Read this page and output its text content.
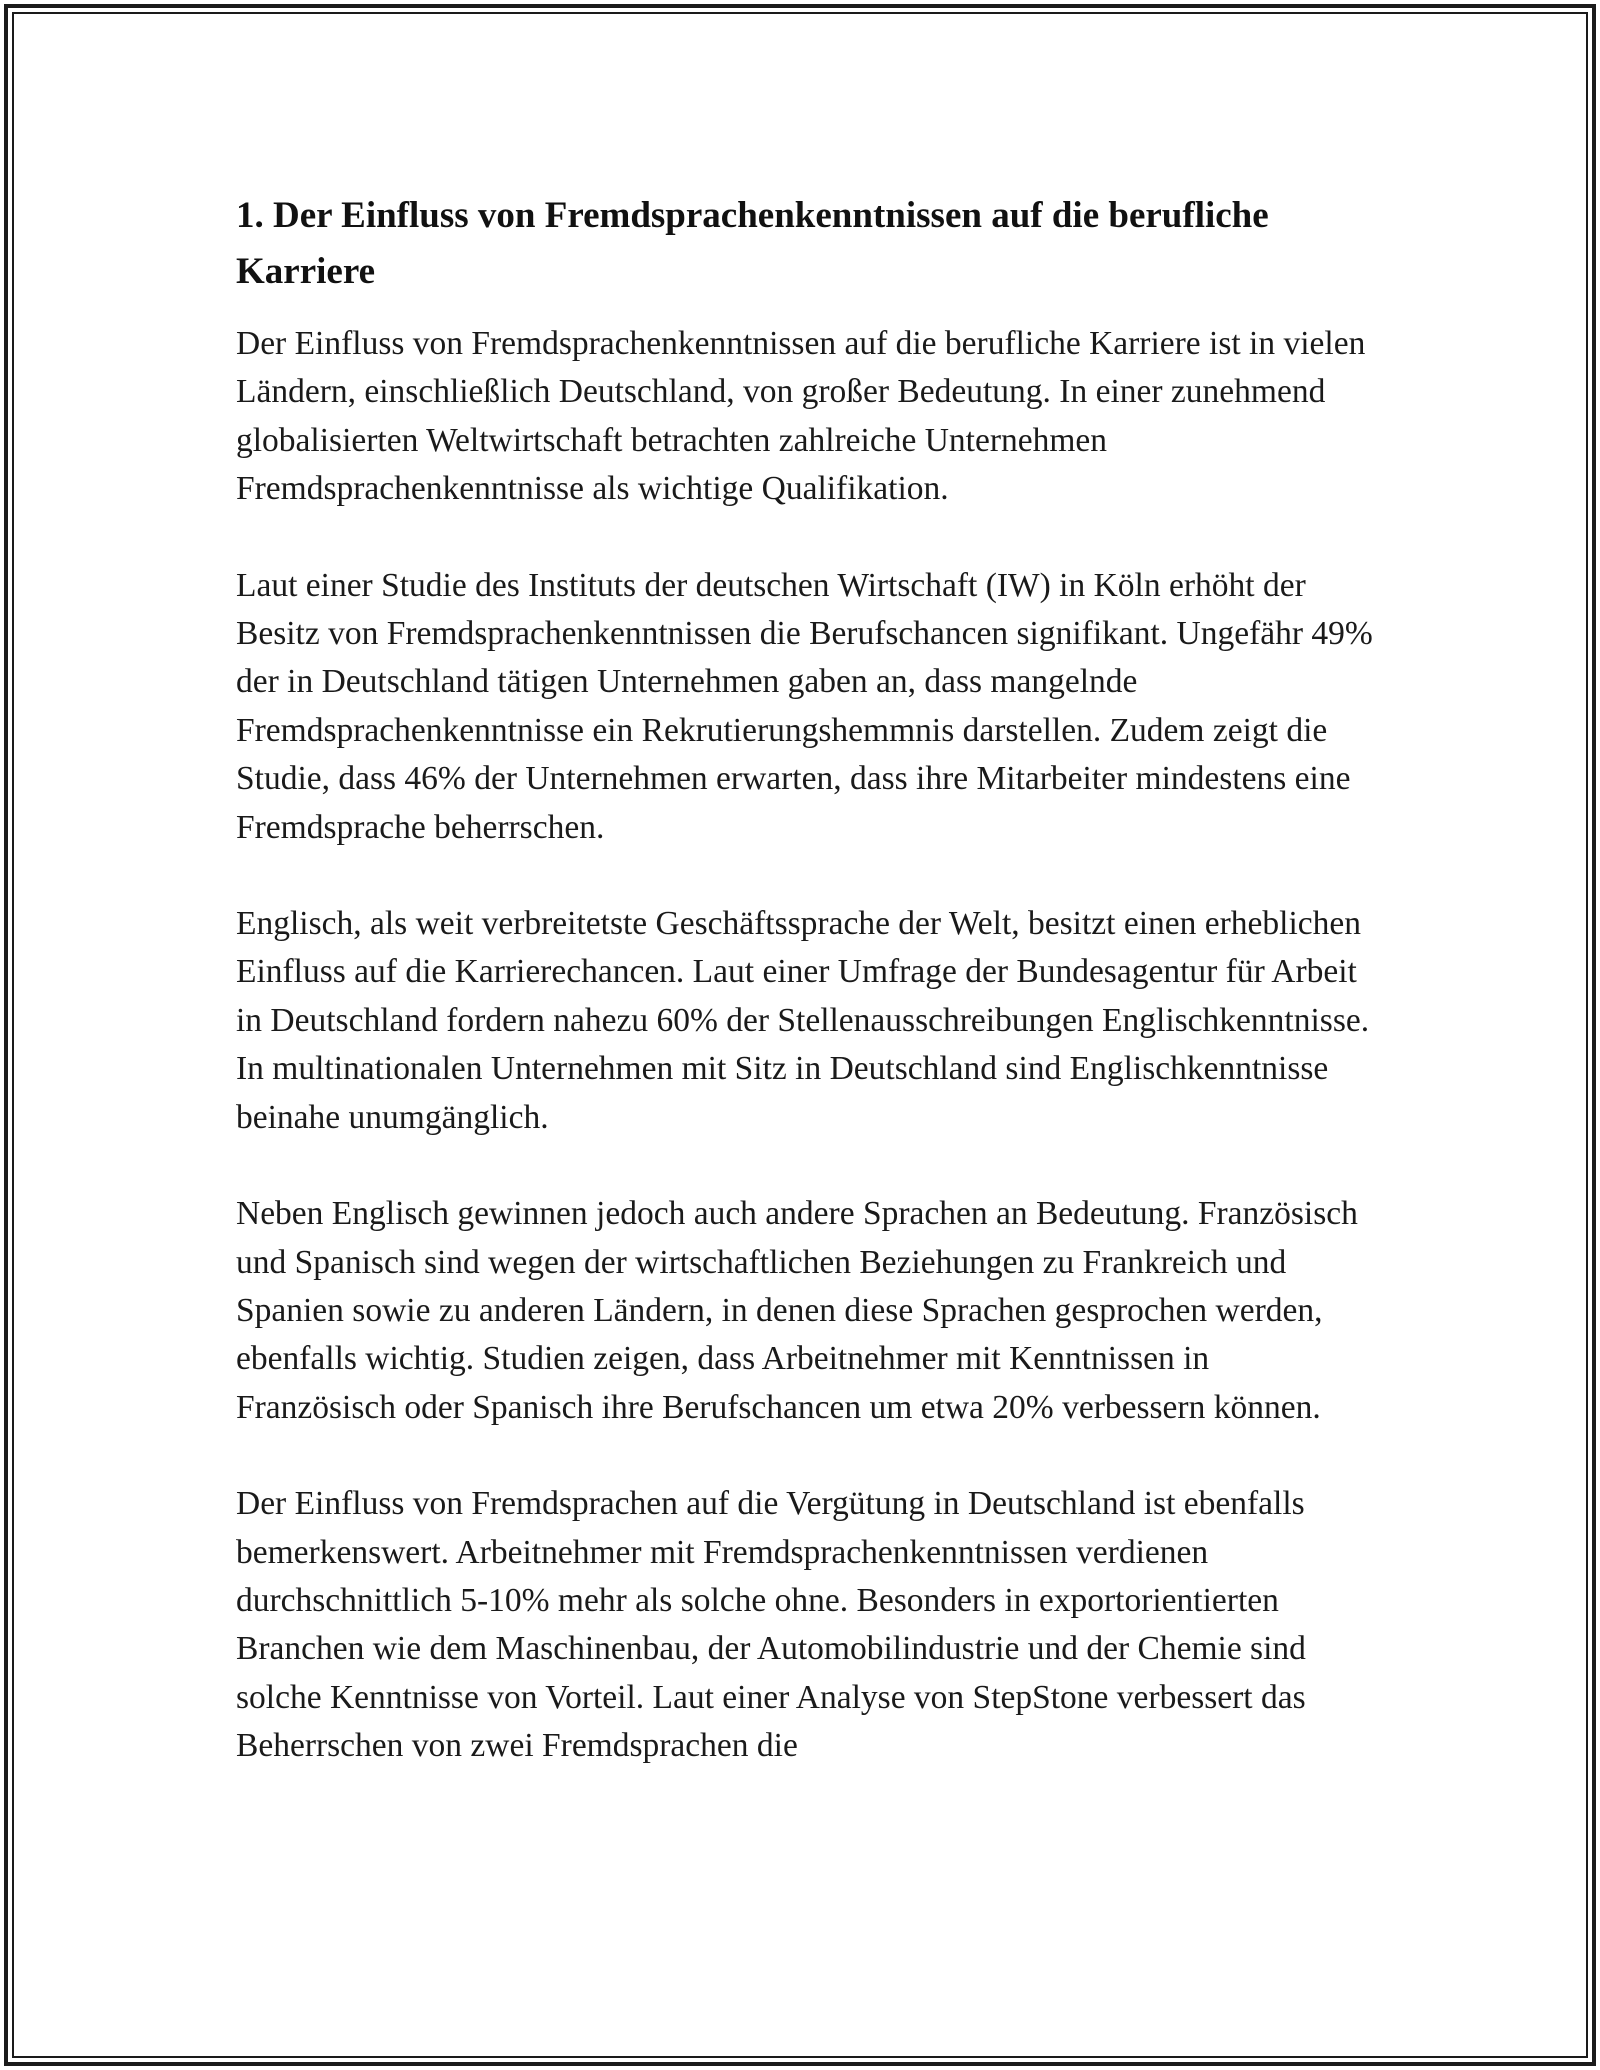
1. Der Einfluss von Fremdsprachenkenntnissen auf die berufliche Karriere

Der Einfluss von Fremdsprachenkenntnissen auf die berufliche Karriere ist in vielen Ländern, einschließlich Deutschland, von großer Bedeutung. In einer zunehmend globalisierten Weltwirtschaft betrachten zahlreiche Unternehmen Fremdsprachenkenntnisse als wichtige Qualifikation.

Laut einer Studie des Instituts der deutschen Wirtschaft (IW) in Köln erhöht der Besitz von Fremdsprachenkenntnissen die Berufschancen signifikant. Ungefähr 49% der in Deutschland tätigen Unternehmen gaben an, dass mangelnde Fremdsprachenkenntnisse ein Rekrutierungshemmnis darstellen. Zudem zeigt die Studie, dass 46% der Unternehmen erwarten, dass ihre Mitarbeiter mindestens eine Fremdsprache beherrschen.

Englisch, als weit verbreitetste Geschäftssprache der Welt, besitzt einen erheblichen Einfluss auf die Karrierechancen. Laut einer Umfrage der Bundesagentur für Arbeit in Deutschland fordern nahezu 60% der Stellenausschreibungen Englischkenntnisse. In multinationalen Unternehmen mit Sitz in Deutschland sind Englischkenntnisse beinahe unumgänglich.

Neben Englisch gewinnen jedoch auch andere Sprachen an Bedeutung. Französisch und Spanisch sind wegen der wirtschaftlichen Beziehungen zu Frankreich und Spanien sowie zu anderen Ländern, in denen diese Sprachen gesprochen werden, ebenfalls wichtig. Studien zeigen, dass Arbeitnehmer mit Kenntnissen in Französisch oder Spanisch ihre Berufschancen um etwa 20% verbessern können.

Der Einfluss von Fremdsprachen auf die Vergütung in Deutschland ist ebenfalls bemerkenswert. Arbeitnehmer mit Fremdsprachenkenntnissen verdienen durchschnittlich 5-10% mehr als solche ohne. Besonders in exportorientierten Branchen wie dem Maschinenbau, der Automobilindustrie und der Chemie sind solche Kenntnisse von Vorteil. Laut einer Analyse von StepStone verbessert das Beherrschen von zwei Fremdsprachen die
